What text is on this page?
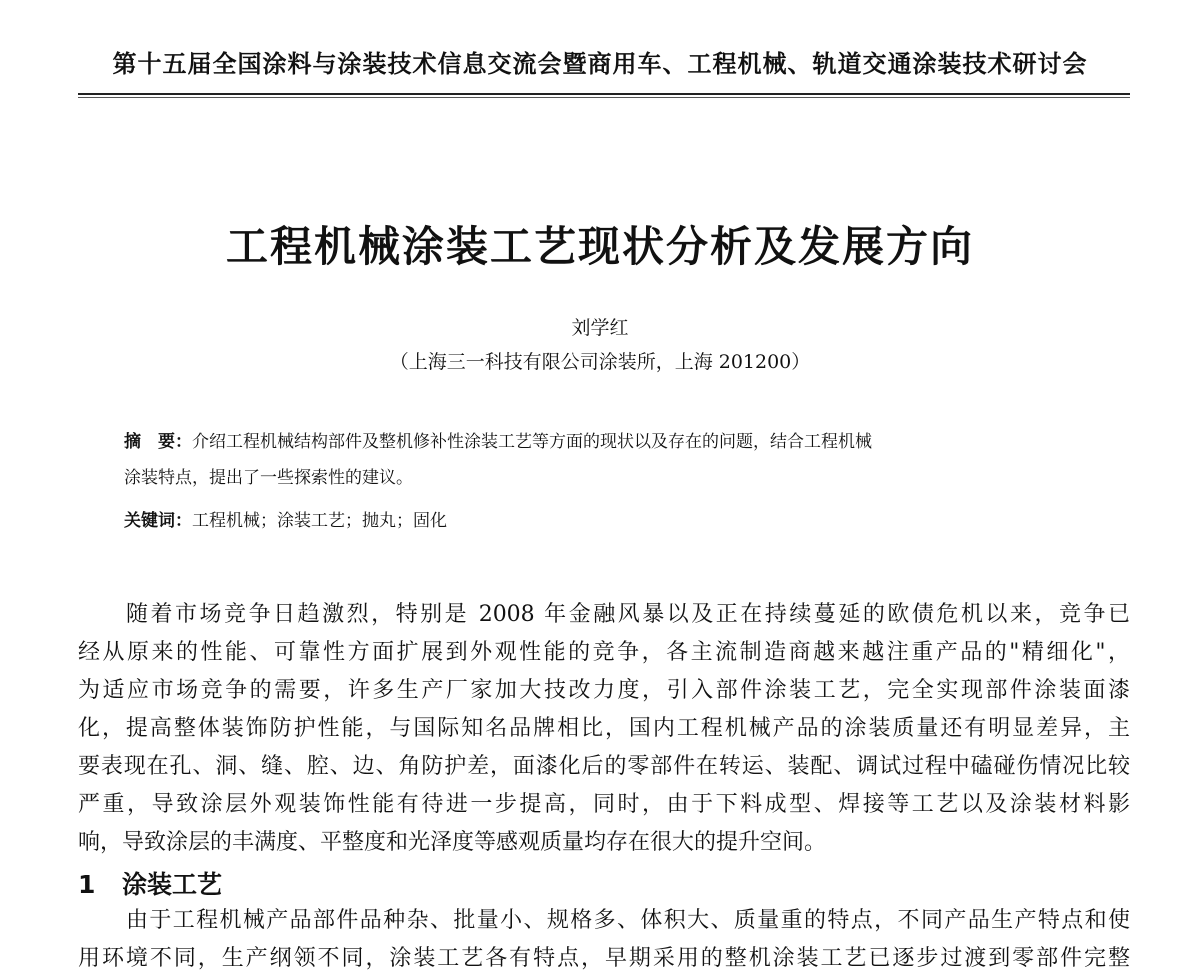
第十五届全国涂料与涂装技术信息交流会暨商用车、工程机械、轨道交通涂装技术研讨会
工程机械涂装工艺现状分析及发展方向
刘学红
（上海三一科技有限公司涂装所，上海 201200）
摘　要：介绍工程机械结构部件及整机修补性涂装工艺等方面的现状以及存在的问题，结合工程机械
涂装特点，提出了一些探索性的建议。
关键词：工程机械；涂装工艺；抛丸；固化
随着市场竞争日趋激烈，特别是 2008 年金融风暴以及正在持续蔓延的欧债危机以来，竞争已
经从原来的性能、可靠性方面扩展到外观性能的竞争，各主流制造商越来越注重产品的"精细化"，
为适应市场竞争的需要，许多生产厂家加大技改力度，引入部件涂装工艺，完全实现部件涂装面漆
化，提高整体装饰防护性能，与国际知名品牌相比，国内工程机械产品的涂装质量还有明显差异，主
要表现在孔、洞、缝、腔、边、角防护差，面漆化后的零部件在转运、装配、调试过程中磕碰伤情况比较
严重，导致涂层外观装饰性能有待进一步提高，同时，由于下料成型、焊接等工艺以及涂装材料影
响，导致涂层的丰满度、平整度和光泽度等感观质量均存在很大的提升空间。
1 涂装工艺
由于工程机械产品部件品种杂、批量小、规格多、体积大、质量重的特点，不同产品生产特点和使
用环境不同，生产纲领不同，涂装工艺各有特点，早期采用的整机涂装工艺已逐步过渡到零部件完整
